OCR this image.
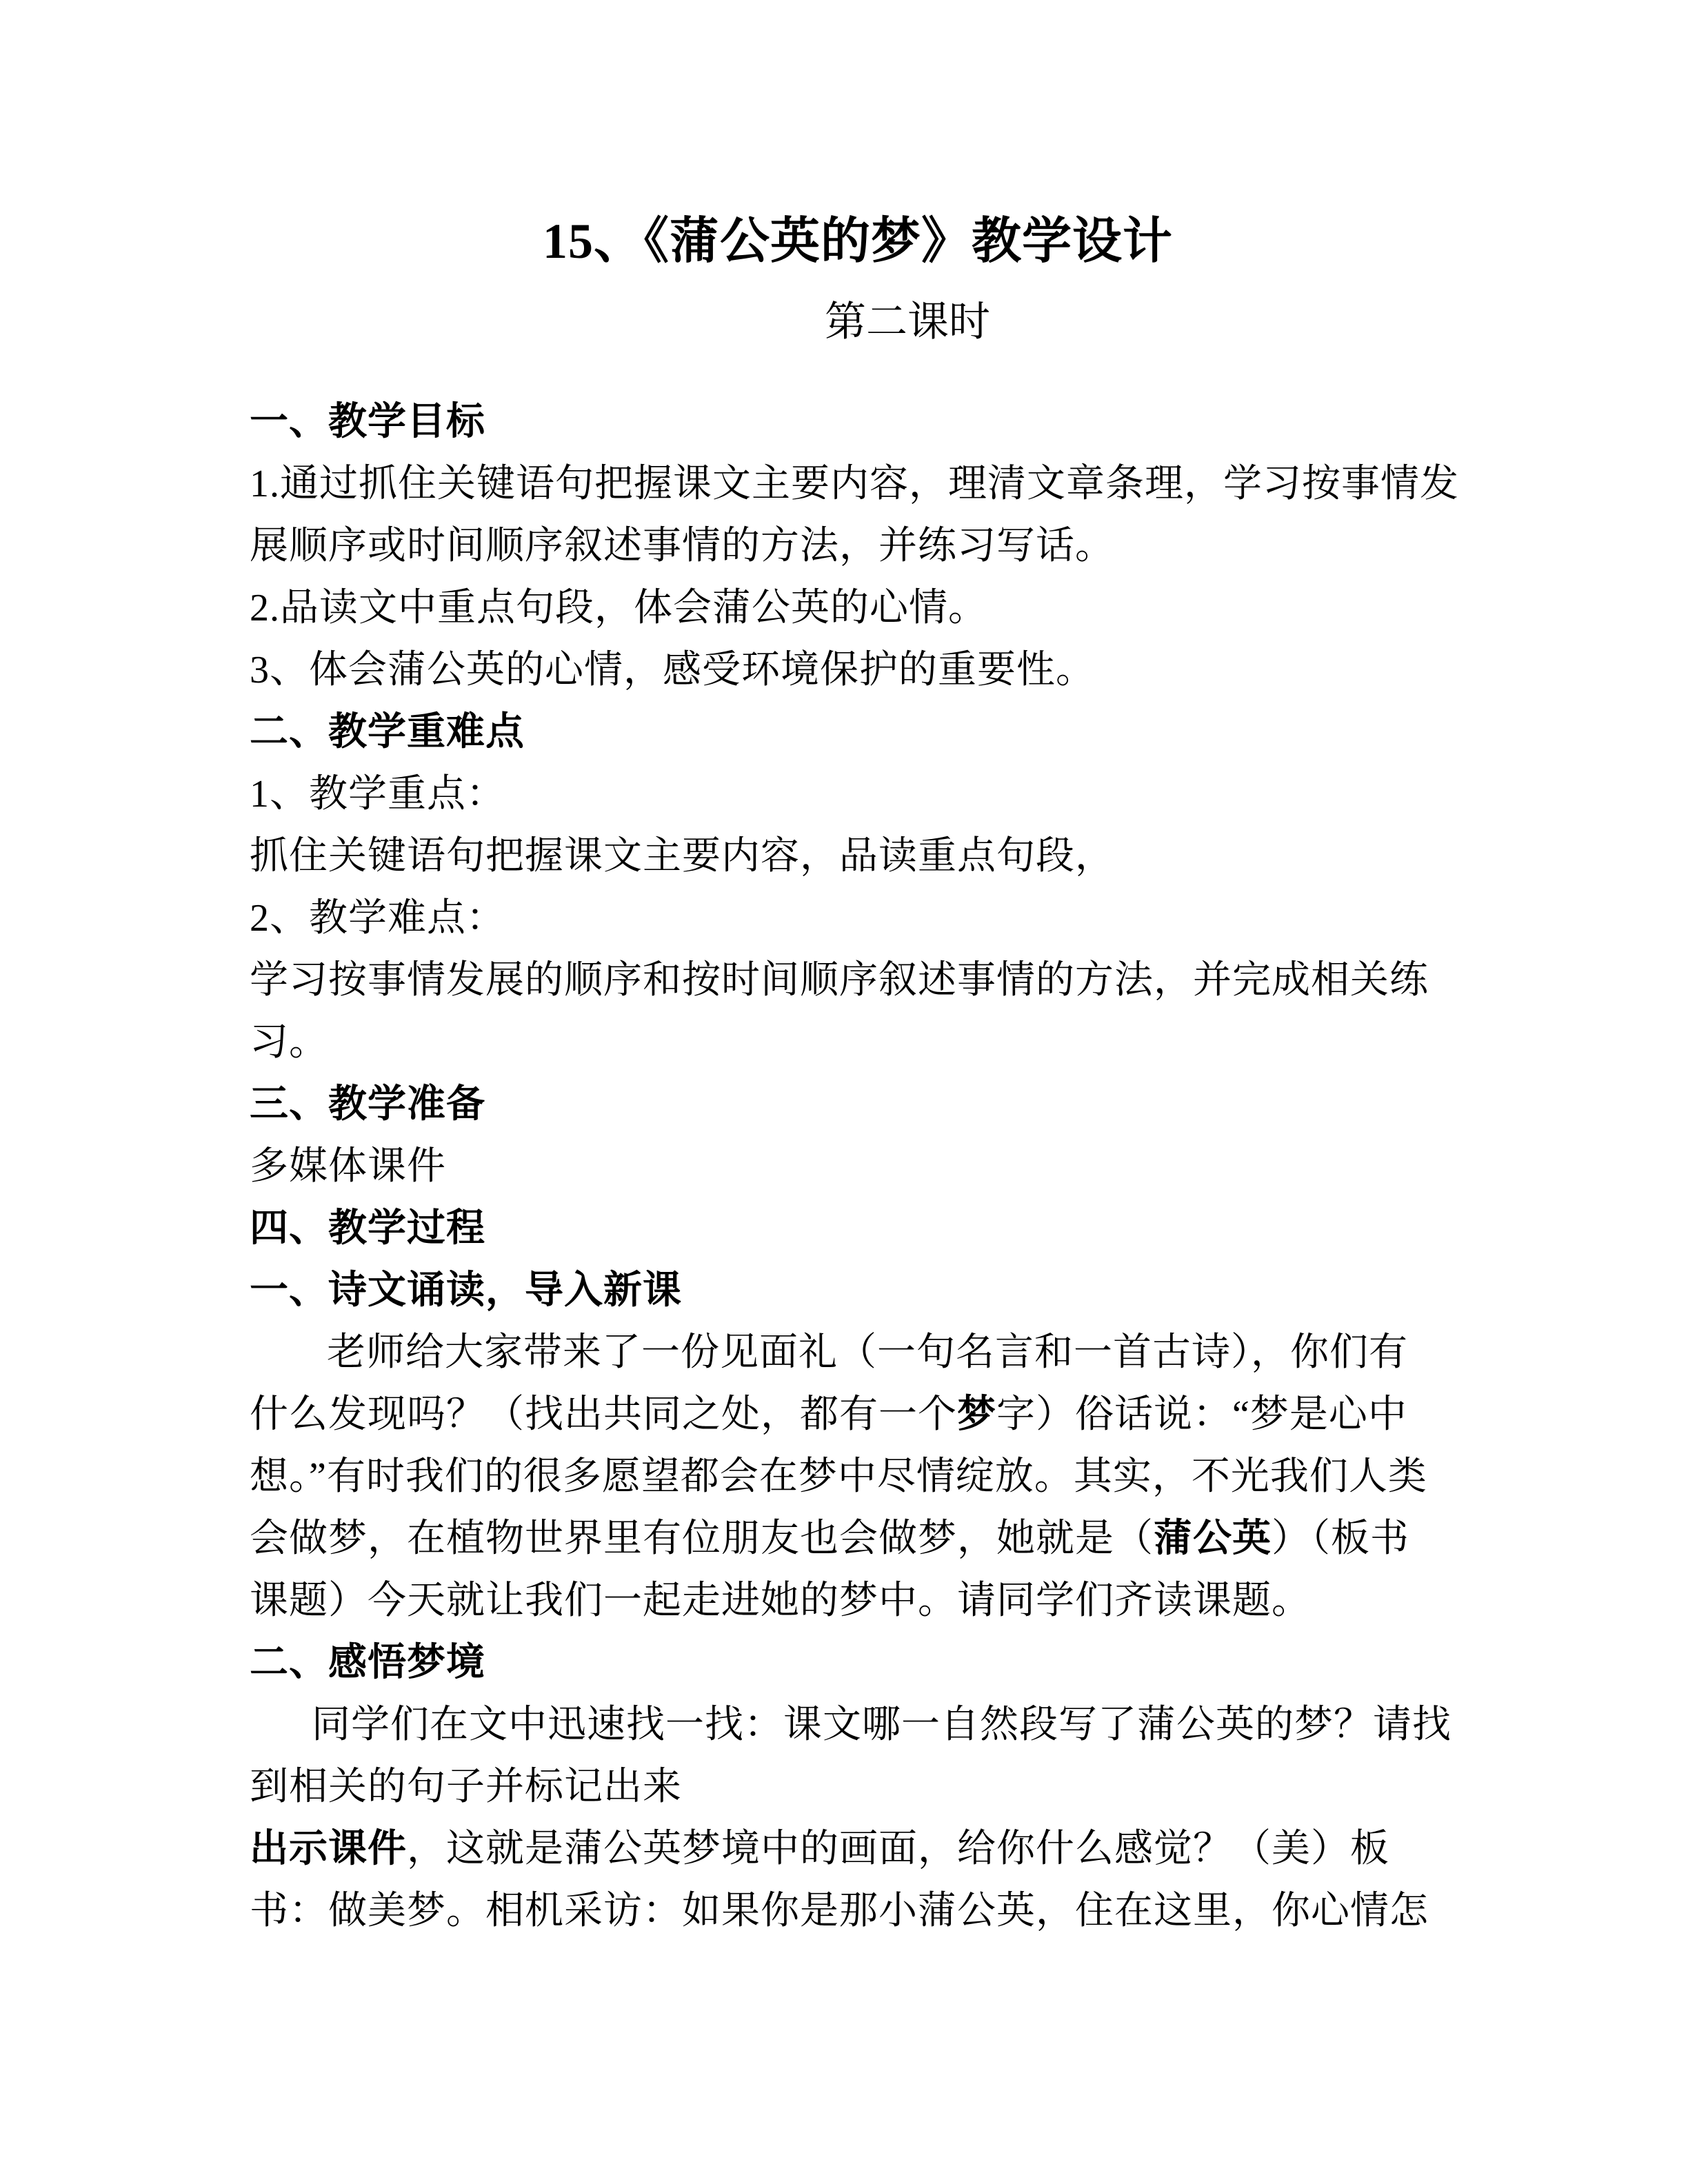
15、《蒲公英的梦》教学设计
第二课时
一、教学目标
1.通过抓住关键语句把握课文主要内容，理清文章条理，学习按事情发
展顺序或时间顺序叙述事情的方法，并练习写话。
2.品读文中重点句段，体会蒲公英的心情。
3、体会蒲公英的心情，感受环境保护的重要性。
二、教学重难点
1、教学重点：
抓住关键语句把握课文主要内容，品读重点句段，
2、教学难点：
学习按事情发展的顺序和按时间顺序叙述事情的方法，并完成相关练
习。
三、教学准备
多媒体课件
四、教学过程
一、诗文诵读，导入新课
老师给大家带来了一份见面礼（一句名言和一首古诗），你们有
什么发现吗？（找出共同之处，都有一个梦字）俗话说：“梦是心中
想。”有时我们的很多愿望都会在梦中尽情绽放。其实，不光我们人类
会做梦，在植物世界里有位朋友也会做梦，她就是（蒲公英）（板书
课题）今天就让我们一起走进她的梦中。请同学们齐读课题。
二、感悟梦境
同学们在文中迅速找一找：课文哪一自然段写了蒲公英的梦？请找
到相关的句子并标记出来
出示课件，这就是蒲公英梦境中的画面，给你什么感觉？（美）板
书：做美梦。相机采访：如果你是那小蒲公英，住在这里，你心情怎
